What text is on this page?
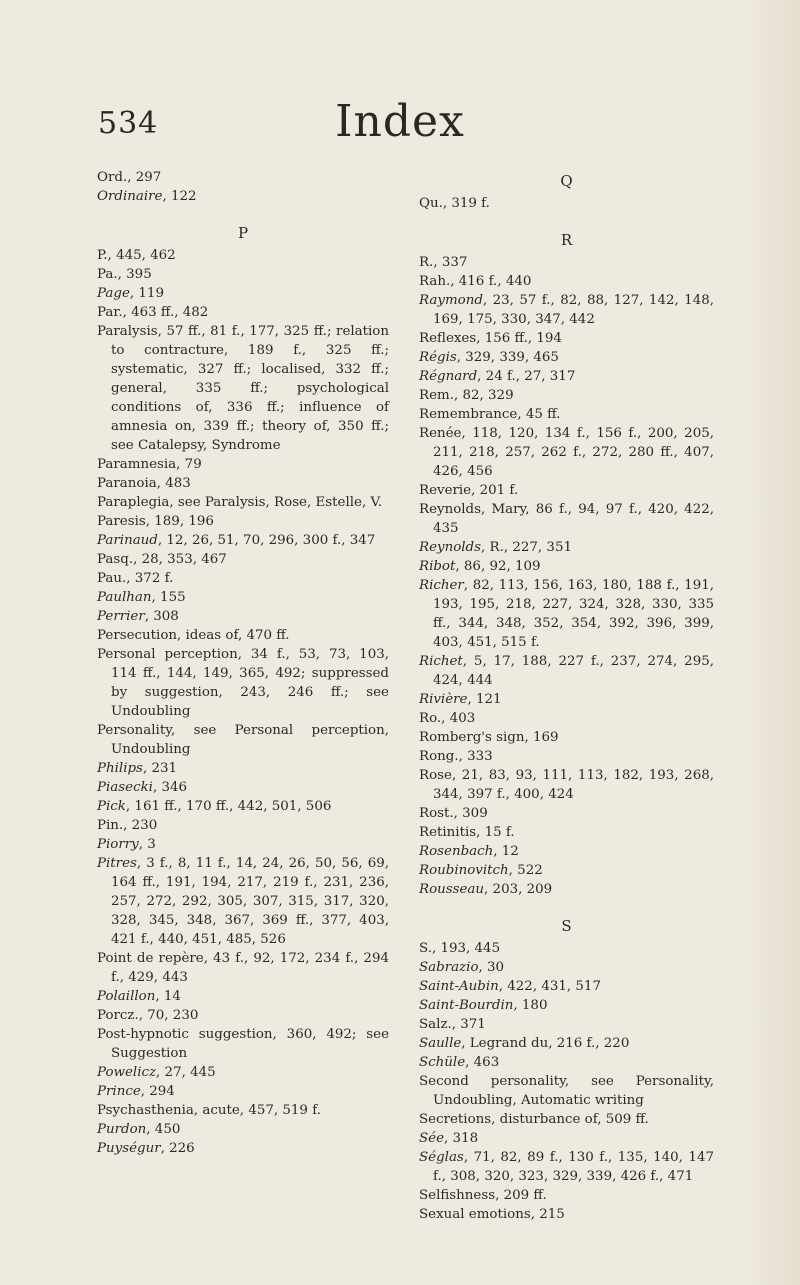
534	Index

Ord., 297

Ordinaire, 122

P

P., 445, 462

Pa., 395

Page, 119

Par., 463 ff., 482

Paralysis, 57 ff., 81 f., 177, 325 ff.; relation to contracture, 189 f., 325 ff.; systematic, 327 ff.; localised, 332 ff.; general, 335 ff.; psychological conditions of, 336 ff.; influence of amnesia on, 339 ff.; theory of, 350 ff.; see Catalepsy, Syndrome

Paramnesia, 79

Paranoia, 483

Paraplegia, see Paralysis, Rose, Estelle, V.

Paresis, 189, 196

Parinaud, 12, 26, 51, 70, 296, 300 f., 347

Pasq., 28, 353, 467

Pau., 372 f.

Paulhan, 155

Perrier, 308

Persecution, ideas of, 470 ff.

Personal perception, 34 f., 53, 73, 103, 114 ff., 144, 149, 365, 492; suppressed by suggestion, 243, 246 ff.; see Undoubling

Personality, see Personal perception, Undoubling

Philips, 231

Piasecki, 346

Pick, 161 ff., 170 ff., 442, 501, 506

Pin., 230

Piorry, 3

Pitres, 3 f., 8, 11 f., 14, 24, 26, 50, 56, 69, 164 ff., 191, 194, 217, 219 f., 231, 236, 257, 272, 292, 305, 307, 315, 317, 320, 328, 345, 348, 367, 369 ff., 377, 403, 421 f., 440, 451, 485, 526

Point de repère, 43 f., 92, 172, 234 f., 294 f., 429, 443

Polaillon, 14

Porcz., 70, 230

Post-hypnotic suggestion, 360, 492; see Suggestion

Powelicz, 27, 445

Prince, 294

Psychasthenia, acute, 457, 519 f.

Purdon, 450

Puységur, 226

Q

Qu., 319 f.

R

R., 337

Rah., 416 f., 440

Raymond, 23, 57 f., 82, 88, 127, 142, 148, 169, 175, 330, 347, 442

Reflexes, 156 ff., 194

Régis, 329, 339, 465

Régnard, 24 f., 27, 317

Rem., 82, 329

Remembrance, 45 ff.

Renée, 118, 120, 134 f., 156 f., 200, 205, 211, 218, 257, 262 f., 272, 280 ff., 407, 426, 456

Reverie, 201 f.

Reynolds, Mary, 86 f., 94, 97 f., 420, 422, 435

Reynolds, R., 227, 351

Ribot, 86, 92, 109

Richer, 82, 113, 156, 163, 180, 188 f., 191, 193, 195, 218, 227, 324, 328, 330, 335 ff., 344, 348, 352, 354, 392, 396, 399, 403, 451, 515 f.

Richet, 5, 17, 188, 227 f., 237, 274, 295, 424, 444

Rivière, 121

Ro., 403

Romberg's sign, 169

Rong., 333

Rose, 21, 83, 93, 111, 113, 182, 193, 268, 344, 397 f., 400, 424

Rost., 309

Retinitis, 15 f.

Rosenbach, 12

Roubinovitch, 522

Rousseau, 203, 209

S

S., 193, 445

Sabrazio, 30

Saint-Aubin, 422, 431, 517

Saint-Bourdin, 180

Salz., 371

Saulle, Legrand du, 216 f., 220

Schüle, 463

Second personality, see Personality, Undoubling, Automatic writing

Secretions, disturbance of, 509 ff.

Sée, 318

Séglas, 71, 82, 89 f., 130 f., 135, 140, 147 f., 308, 320, 323, 329, 339, 426 f., 471

Selfishness, 209 ff.

Sexual emotions, 215
